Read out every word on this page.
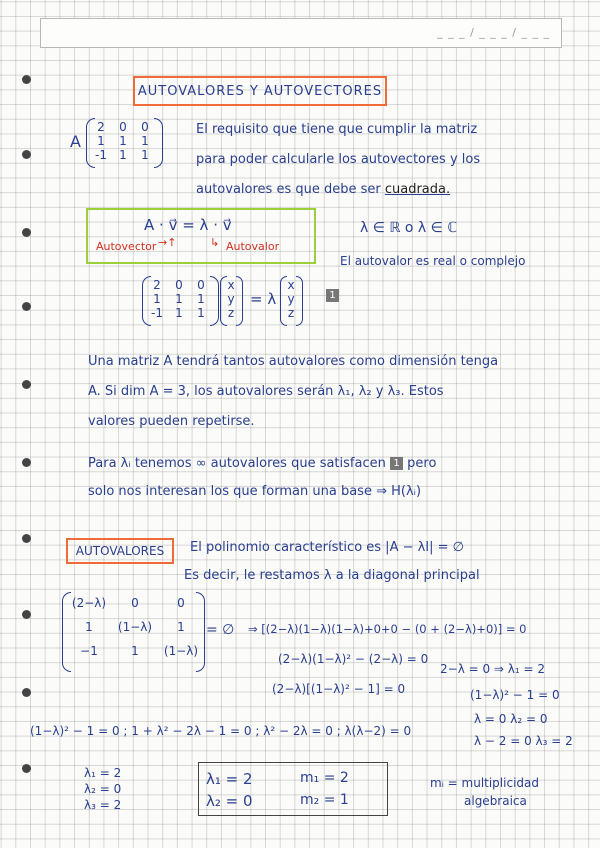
_ _ _ / _ _ _ / _ _ _
AUTOVALORES Y AUTOVECTORES
A
2	0	0
1	1	1
-1	1	1
El requisito que tiene que cumplir la matriz
para poder calcularle los autovectores y los
autovalores es que debe ser cuadrada.
A · v⃗ = λ · v⃗
Autovector →↑	↳ Autovalor
λ ∈ ℝ o λ ∈ ℂ
El autovalor es real o complejo
2	0	0
1	1	1
-1	1	1
x
y
z
= λ
x
y
z
1
Una matriz A tendrá tantos autovalores como dimensión tenga
A. Si dim A = 3, los autovalores serán λ₁, λ₂ y λ₃. Estos
valores pueden repetirse.
Para λᵢ tenemos ∞ autovalores que satisfacen 1 pero
solo nos interesan los que forman una base ⇒ H(λᵢ)
AUTOVALORES	El polinomio característico es |A − λI| = ∅
Es decir, le restamos λ a la diagonal principal
(2−λ)	0	0
1	(1−λ)	1
−1	1	(1−λ)
= ∅ ⇒ [(2−λ)(1−λ)(1−λ)+0+0 − (0 + (2−λ)+0)] = 0
(2−λ)(1−λ)² − (2−λ) = 0
(2−λ)[(1−λ)² − 1] = 0
2−λ = 0 ⇒ λ₁ = 2
(1−λ)² − 1 = 0
(1−λ)² − 1 = 0 ; 1 + λ² − 2λ − 1 = 0 ; λ² − 2λ = 0 ; λ(λ−2) = 0
λ = 0 λ₂ = 0
λ − 2 = 0 λ₃ = 2
λ₁ = 2
λ₂ = 0
λ₃ = 2
λ₁ = 2
λ₂ = 0
m₁ = 2
m₂ = 1
mᵢ = multiplicidad
algebraica
